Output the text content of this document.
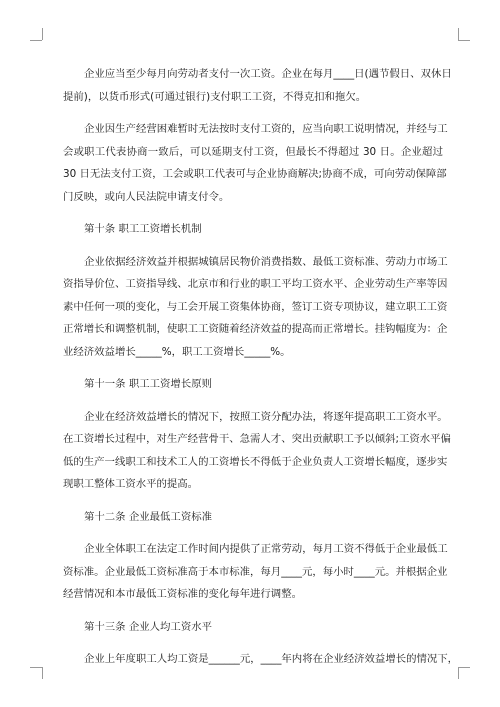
企业应当至少每月向劳动者支付一次工资。企业在每月____日(遇节假日、双休日
提前)，以货币形式(可通过银行)支付职工工资，不得克扣和拖欠。
企业因生产经营困难暂时无法按时支付工资的，应当向职工说明情况，并经与工
会或职工代表协商一致后，可以延期支付工资，但最长不得超过 30 日。企业超过
30 日无法支付工资，工会或职工代表可与企业协商解决;协商不成，可向劳动保障部
门反映，或向人民法院申请支付令。
第十条 职工工资增长机制
企业依据经济效益并根据城镇居民物价消费指数、最低工资标准、劳动力市场工
资指导价位、工资指导线、北京市和行业的职工平均工资水平、企业劳动生产率等因
素中任何一项的变化，与工会开展工资集体协商，签订工资专项协议，建立职工工资
正常增长和调整机制，使职工工资随着经济效益的提高而正常增长。挂钩幅度为：企
业经济效益增长_____%，职工工资增长_____%。
第十一条 职工工资增长原则
企业在经济效益增长的情况下，按照工资分配办法，将逐年提高职工工资水平。
在工资增长过程中，对生产经营骨干、急需人才、突出贡献职工予以倾斜;工资水平偏
低的生产一线职工和技术工人的工资增长不得低于企业负责人工资增长幅度，逐步实
现职工整体工资水平的提高。
第十二条 企业最低工资标准
企业全体职工在法定工作时间内提供了正常劳动，每月工资不得低于企业最低工
资标准。企业最低工资标准高于本市标准，每月____元，每小时____元。并根据企业
经营情况和本市最低工资标准的变化每年进行调整。
第十三条 企业人均工资水平
企业上年度职工人均工资是______元，____年内将在企业经济效益增长的情况下，
